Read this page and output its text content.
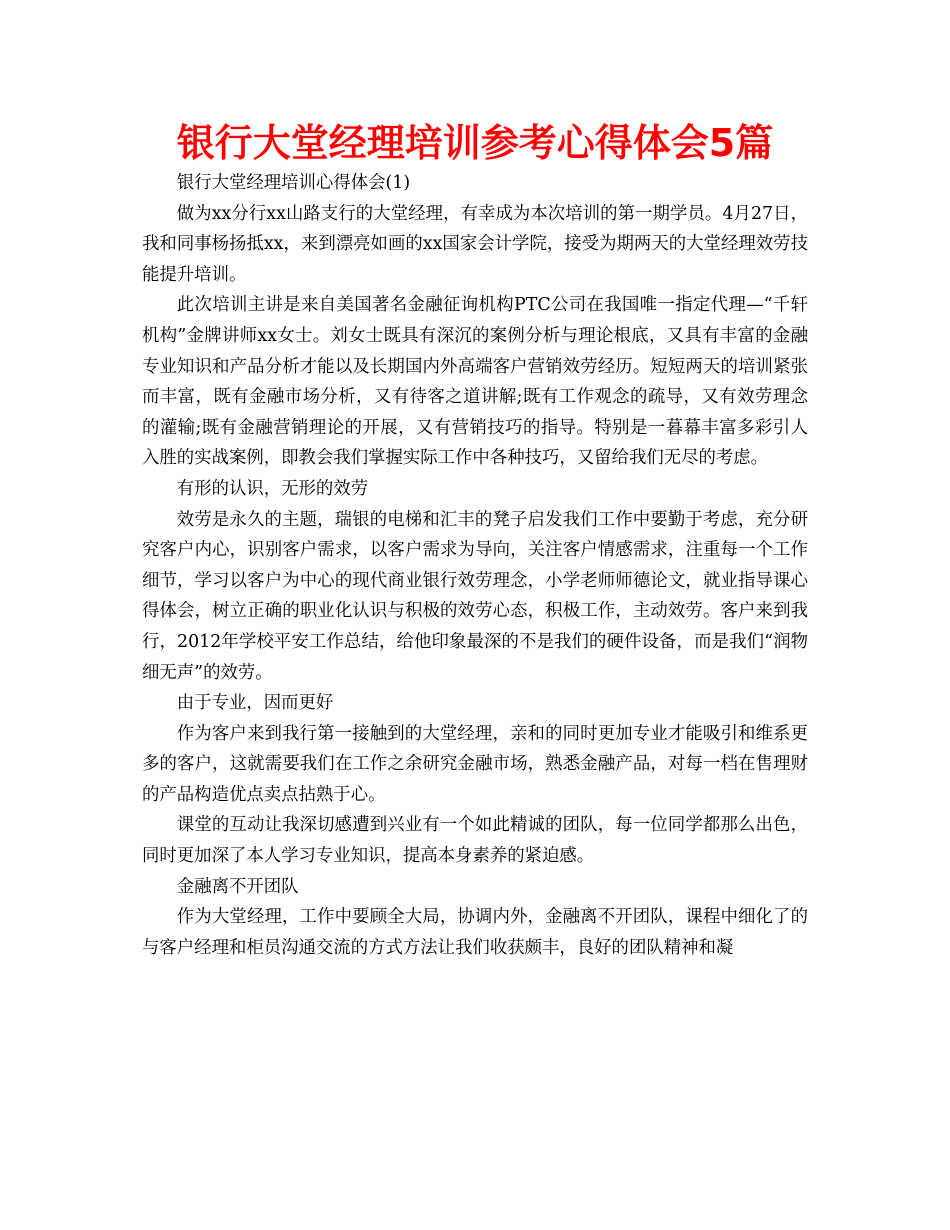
银行大堂经理培训参考心得体会5篇

银行大堂经理培训心得体会(1)

做为xx分行xx山路支行的大堂经理，有幸成为本次培训的第一期学员。4月27日，我和同事杨扬抵xx，来到漂亮如画的xx国家会计学院，接受为期两天的大堂经理效劳技能提升培训。

此次培训主讲是来自美国著名金融征询机构PTC公司在我国唯一指定代理—“千轩机构”金牌讲师xx女士。刘女士既具有深沉的案例分析与理论根底，又具有丰富的金融专业知识和产品分析才能以及长期国内外高端客户营销效劳经历。短短两天的培训紧张而丰富，既有金融市场分析，又有待客之道讲解;既有工作观念的疏导，又有效劳理念的灌输;既有金融营销理论的开展，又有营销技巧的指导。特别是一暮幕丰富多彩引人入胜的实战案例，即教会我们掌握实际工作中各种技巧，又留给我们无尽的考虑。

有形的认识，无形的效劳

效劳是永久的主题，瑞银的电梯和汇丰的凳子启发我们工作中要勤于考虑，充分研究客户内心，识别客户需求，以客户需求为导向，关注客户情感需求，注重每一个工作细节，学习以客户为中心的现代商业银行效劳理念，小学老师师德论文，就业指导课心得体会，树立正确的职业化认识与积极的效劳心态，积极工作，主动效劳。客户来到我行，2012年学校平安工作总结，给他印象最深的不是我们的硬件设备，而是我们“润物细无声”的效劳。

由于专业，因而更好

作为客户来到我行第一接触到的大堂经理，亲和的同时更加专业才能吸引和维系更多的客户，这就需要我们在工作之余研究金融市场，熟悉金融产品，对每一档在售理财的产品构造优点卖点拈熟于心。

课堂的互动让我深切感遭到兴业有一个如此精诚的团队，每一位同学都那么出色，同时更加深了本人学习专业知识，提高本身素养的紧迫感。

金融离不开团队

作为大堂经理，工作中要顾全大局，协调内外，金融离不开团队，课程中细化了的与客户经理和柜员沟通交流的方式方法让我们收获颇丰，良好的团队精神和凝
